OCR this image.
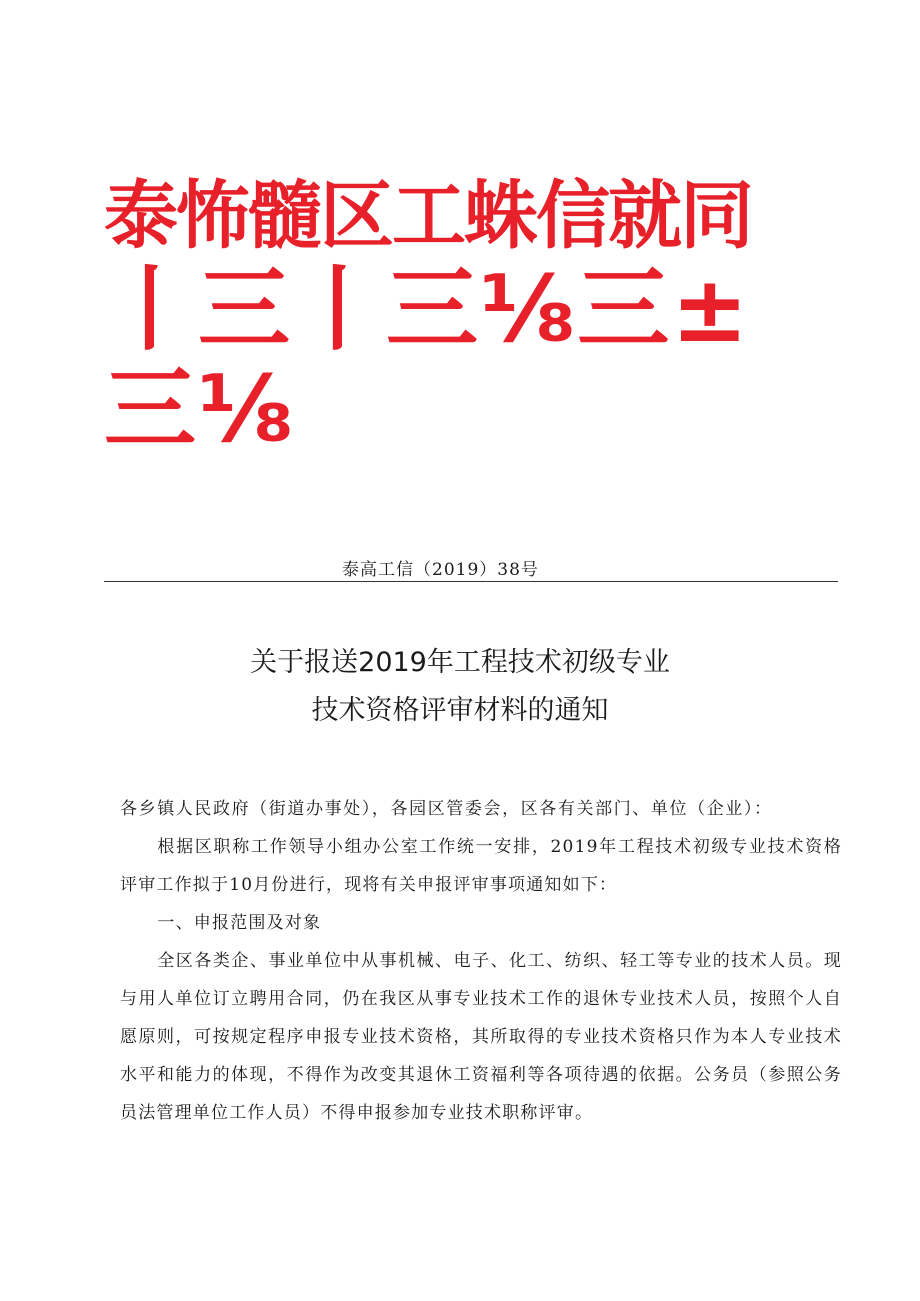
泰怖髓区工蛛信就同
丨三丨三⅛三±
三⅛
泰高工信（2019）38号
关于报送2019年工程技术初级专业
技术资格评审材料的通知

各乡镇人民政府（街道办事处），各园区管委会，区各有关部门、单位（企业）：

根据区职称工作领导小组办公室工作统一安排，2019年工程技术初级专业技术资格评审工作拟于10月份进行，现将有关申报评审事项通知如下：

一、申报范围及对象

全区各类企、事业单位中从事机械、电子、化工、纺织、轻工等专业的技术人员。现与用人单位订立聘用合同，仍在我区从事专业技术工作的退休专业技术人员，按照个人自愿原则，可按规定程序申报专业技术资格，其所取得的专业技术资格只作为本人专业技术水平和能力的体现，不得作为改变其退休工资福利等各项待遇的依据。公务员（参照公务员法管理单位工作人员）不得申报参加专业技术职称评审。
